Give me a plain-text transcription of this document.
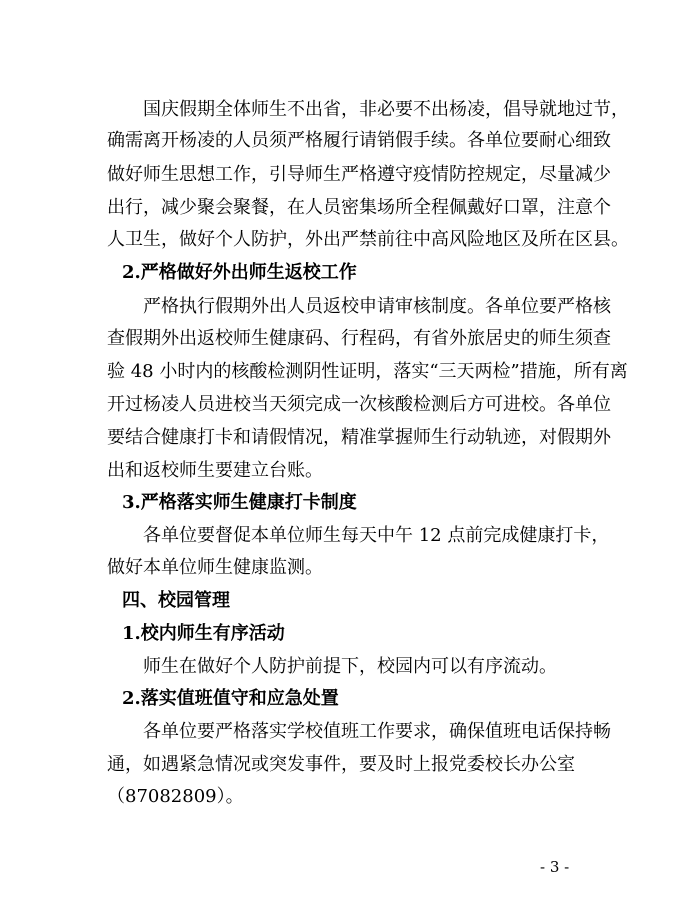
国庆假期全体师生不出省，非必要不出杨凌，倡导就地过节，
确需离开杨凌的人员须严格履行请销假手续。各单位要耐心细致
做好师生思想工作，引导师生严格遵守疫情防控规定，尽量减少
出行，减少聚会聚餐，在人员密集场所全程佩戴好口罩，注意个
人卫生，做好个人防护，外出严禁前往中高风险地区及所在区县。
2.严格做好外出师生返校工作
严格执行假期外出人员返校申请审核制度。各单位要严格核
查假期外出返校师生健康码、行程码，有省外旅居史的师生须查
验 48 小时内的核酸检测阴性证明，落实“三天两检”措施，所有离
开过杨凌人员进校当天须完成一次核酸检测后方可进校。各单位
要结合健康打卡和请假情况，精准掌握师生行动轨迹，对假期外
出和返校师生要建立台账。
3.严格落实师生健康打卡制度
各单位要督促本单位师生每天中午 12 点前完成健康打卡，
做好本单位师生健康监测。
四、校园管理
1.校内师生有序活动
师生在做好个人防护前提下，校园内可以有序流动。
2.落实值班值守和应急处置
各单位要严格落实学校值班工作要求，确保值班电话保持畅
通，如遇紧急情况或突发事件，要及时上报党委校长办公室
（87082809）。
- 3 -
